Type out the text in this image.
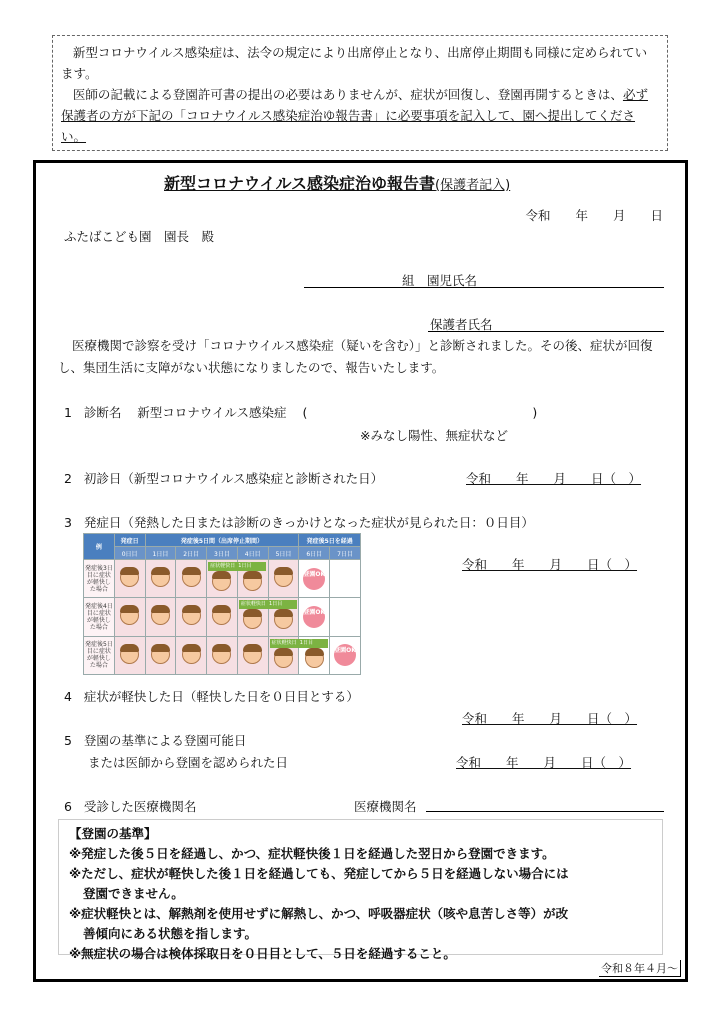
新型コロナウイルス感染症は、法令の規定により出席停止となり、出席停止期間も同様に定められています。

医師の記載による登園許可書の提出の必要はありませんが、症状が回復し、登園再開するときは、必ず保護者の方が下記の「コロナウイルス感染症治ゆ報告書」に必要事項を記入して、園へ提出してください。

新型コロナウイルス感染症治ゆ報告書(保護者記入)
令和　　年　　月　　日
ふたばこども園　園長　殿
組　園児氏名
保護者氏名
医療機関で診察を受け「コロナウイルス感染症（疑いを含む）」と診断されました。その後、症状が回復し、集団生活に支障がない状態になりましたので、報告いたします。
1 診断名 新型コロナウイルス感染症 (　　　　　　　　　　　　　　　　　　)
※みなし陽性、無症状など
2 初診日（新型コロナウイルス感染症と診断された日）	令和　　年　　月　　日（　）
3 発症日（発熱した日または診断のきっかけとなった症状が見られた日：０日目）
令和　　年　　月　　日（　）
例	発症日	発症後5日間（出席停止期間）					発症後5日を経過	
	0日目	1日目	2日目	3日目	4日目	5日目	6日目	7日目
発症後3日目に症状が軽快した場合				症状軽快日 1日目			登園OK	
発症後4日目に症状が軽快した場合					症状軽快日 1日目		登園OK	
発症後5日目に症状が軽快した場合						症状軽快日 1日目		登園OK
4 症状が軽快した日（軽快した日を０日目とする）
令和　　年　　月　　日（　）
5 登園の基準による登園可能日
または医師から登園を認められた日	令和　　年　　月　　日（　）
6 受診した医療機関名	医療機関名
【登園の基準】
※発症した後５日を経過し、かつ、症状軽快後１日を経過した翌日から登園できます。
※ただし、症状が軽快した後１日を経過しても、発症してから５日を経過しない場合には
登園できません。
※症状軽快とは、解熱剤を使用せずに解熱し、かつ、呼吸器症状（咳や息苦しさ等）が改
善傾向にある状態を指します。
※無症状の場合は検体採取日を０日目として、５日を経過すること。
令和８年４月～
